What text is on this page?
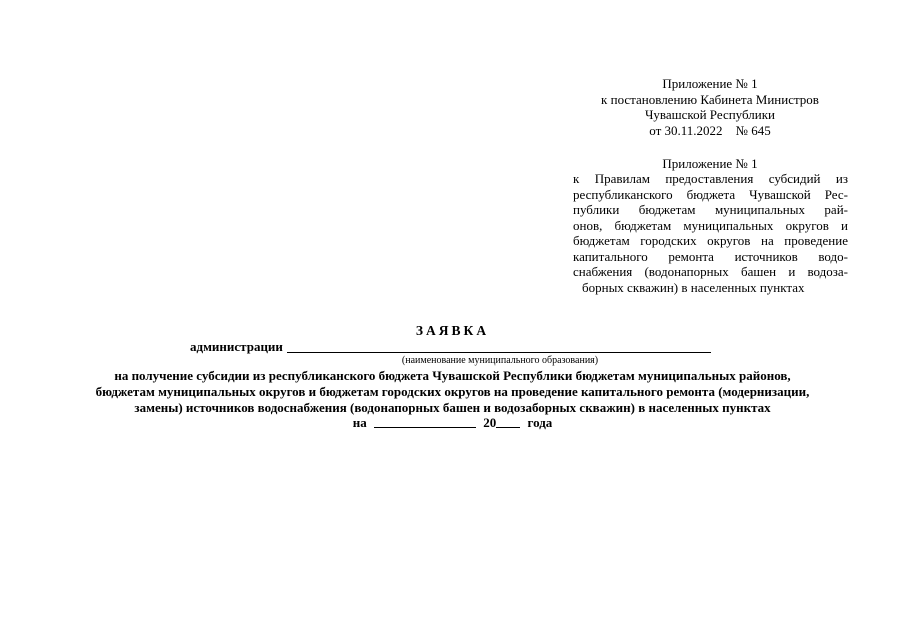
Приложение № 1
к постановлению Кабинета Министров
Чувашской Республики
от 30.11.2022    № 645
Приложение № 1
к Правилам предоставления субсидий из
республиканского бюджета Чувашской Рес-
публики бюджетам муниципальных рай-
онов, бюджетам муниципальных округов и
бюджетам городских округов на проведение
капитального ремонта источников водо-
снабжения (водонапорных башен и водоза-
борных скважин) в населенных пунктах
ЗАЯВКА
администрации
(наименование муниципального образования)
на получение субсидии из республиканского бюджета Чувашской Республики бюджетам муниципальных районов,
бюджетам муниципальных округов и бюджетам городских округов на проведение капитального ремонта (модернизации,
замены) источников водоснабжения (водонапорных башен и водозаборных скважин) в населенных пунктах
на	20 года
